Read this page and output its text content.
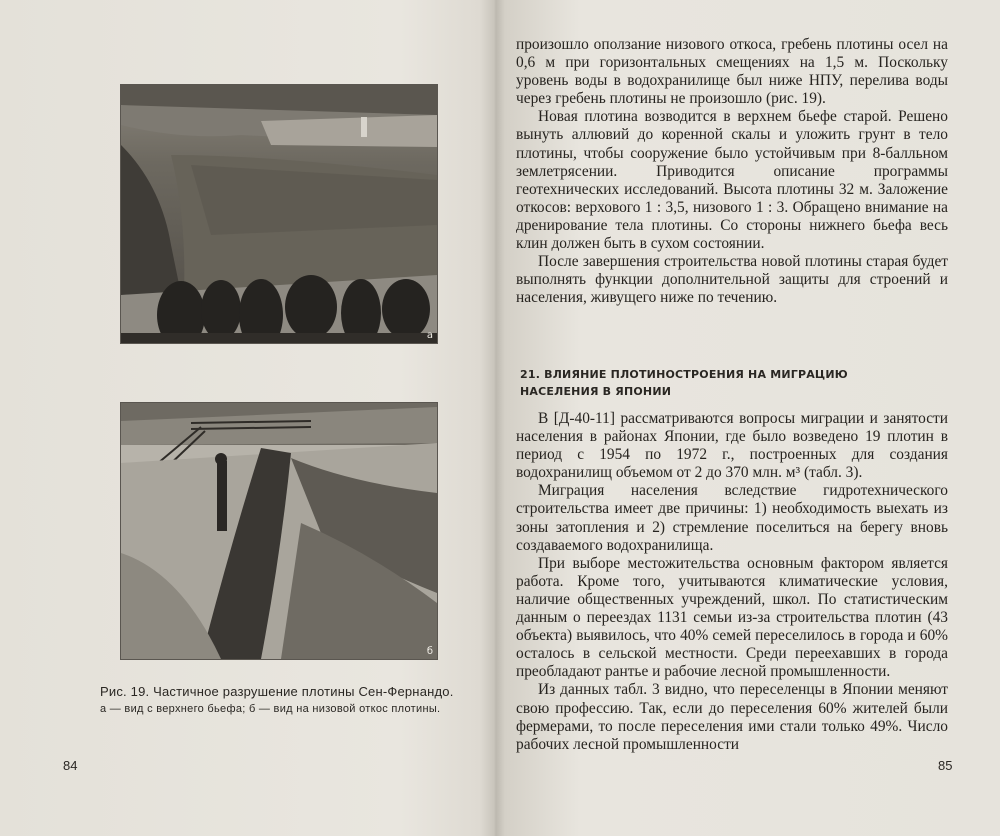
а
б
Рис. 19. Частичное разрушение плотины Сен-Фернандо.
а — вид с верхнего бьефа; б — вид на низовой откос плотины.
84

произошло оползание низового откоса, гребень плотины осел на 0,6 м при горизонтальных смещениях на 1,5 м. Поскольку уровень воды в водохранилище был ниже НПУ, перелива воды через гребень плотины не произошло (рис. 19).

Новая плотина возводится в верхнем бьефе старой. Решено вынуть аллювий до коренной скалы и уложить грунт в тело плотины, чтобы сооружение было устойчивым при 8-балльном землетрясении. Приводится описание программы геотехнических исследований. Высота плотины 32 м. Заложение откосов: верхового 1 : 3,5, низового 1 : 3. Обращено внимание на дренирование тела плотины. Со стороны нижнего бьефа весь клин должен быть в сухом состоянии.

После завершения строительства новой плотины старая будет выполнять функции дополнительной защиты для строений и населения, живущего ниже по течению.

21. ВЛИЯНИЕ ПЛОТИНОСТРОЕНИЯ НА МИГРАЦИЮ
НАСЕЛЕНИЯ В ЯПОНИИ

В [Д-40-11] рассматриваются вопросы миграции и занятости населения в районах Японии, где было возведено 19 плотин в период с 1954 по 1972 г., построенных для создания водохранилищ объемом от 2 до 370 млн. м³ (табл. 3).

Миграция населения вследствие гидротехнического строительства имеет две причины: 1) необходимость выехать из зоны затопления и 2) стремление поселиться на берегу вновь создаваемого водохранилища.

При выборе местожительства основным фактором является работа. Кроме того, учитываются климатические условия, наличие общественных учреждений, школ. По статистическим данным о переездах 1131 семьи из-за строительства плотин (43 объекта) выявилось, что 40% семей переселилось в города и 60% осталось в сельской местности. Среди переехавших в города преобладают рантье и рабочие лесной промышленности.

Из данных табл. 3 видно, что переселенцы в Японии меняют свою профессию. Так, если до переселения 60% жителей были фермерами, то после переселения ими стали только 49%. Число рабочих лесной промышленности

85
